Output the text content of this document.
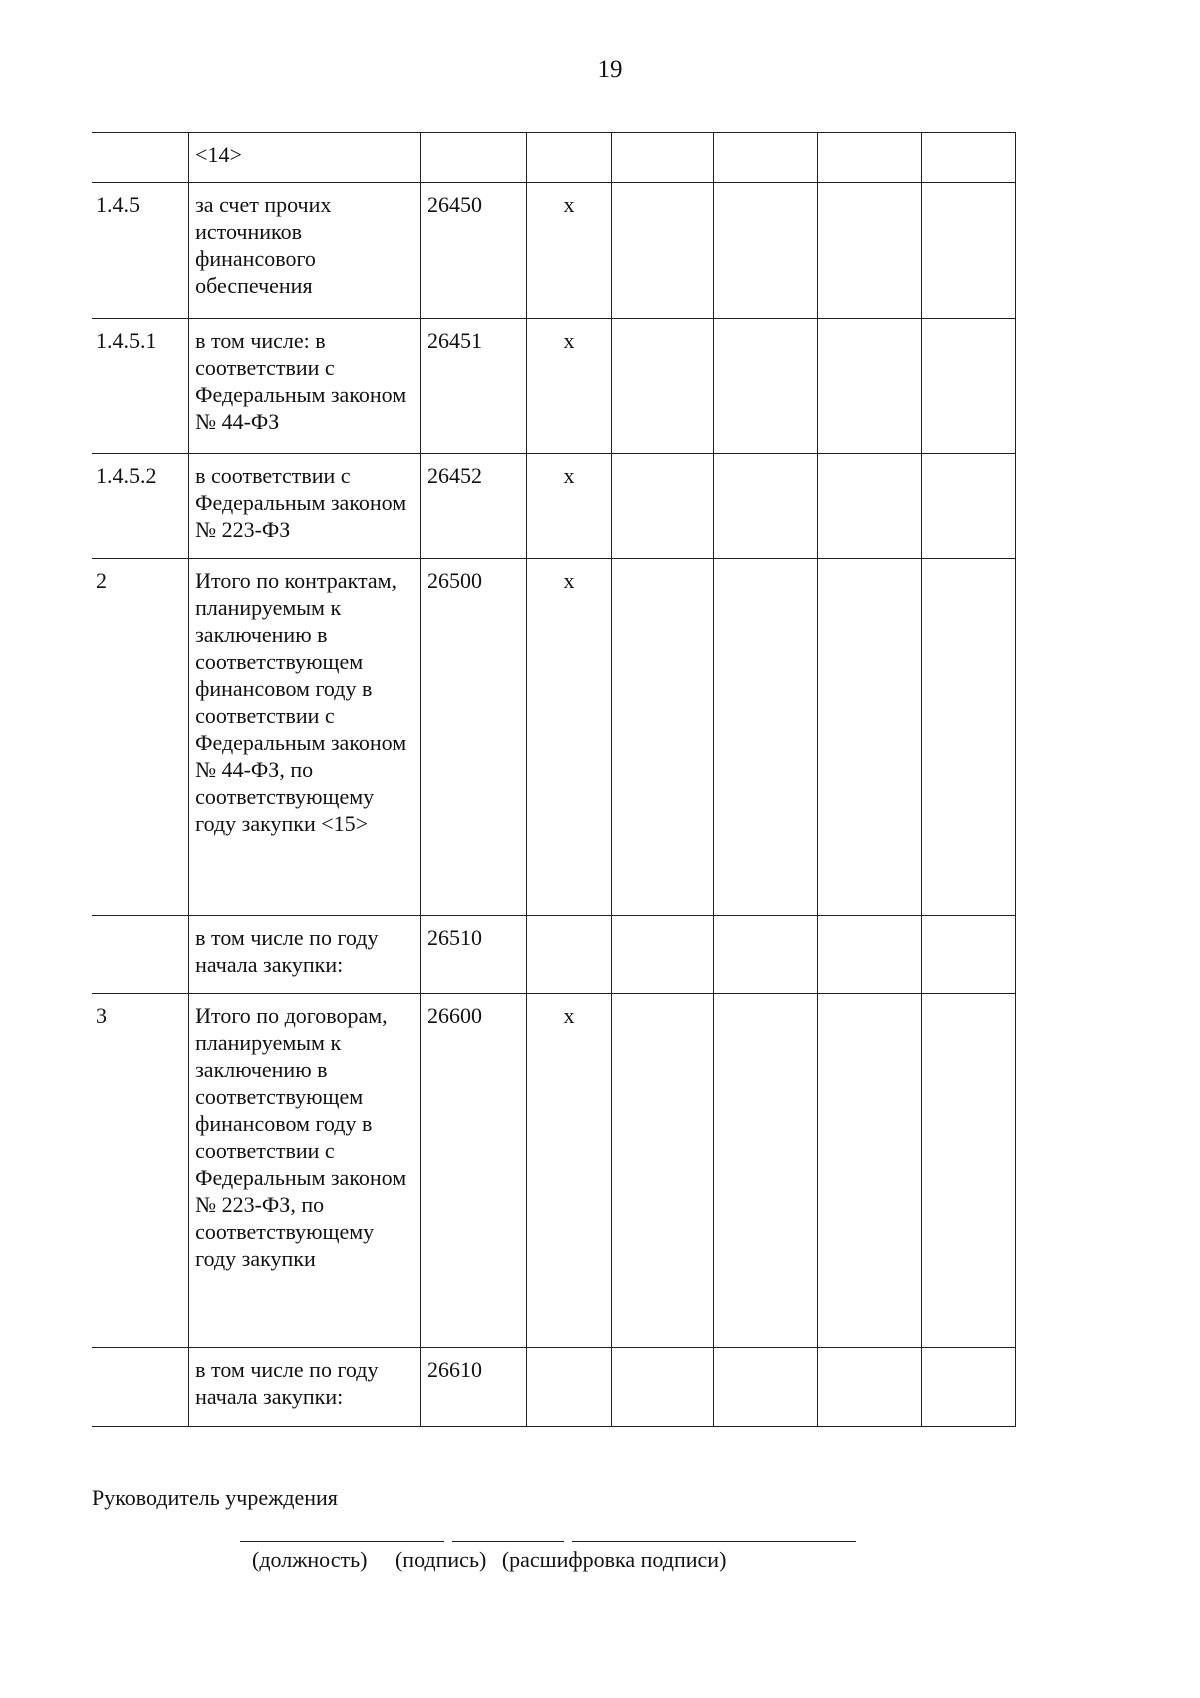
19
	<14>						
1.4.5	за счет прочих источников финансового обеспечения	26450	х				
1.4.5.1	в том числе: в соответствии с Федеральным законом № 44-ФЗ	26451	х				
1.4.5.2	в соответствии с Федеральным законом № 223-ФЗ	26452	х				
2	Итого по контрактам, планируемым к заключению в соответствующем финансовом году в соответствии с Федеральным законом № 44-ФЗ, по соответствующему году закупки <15>	26500	х				
	в том числе по году начала закупки:	26510					
3	Итого по договорам, планируемым к заключению в соответствующем финансовом году в соответствии с Федеральным законом № 223-ФЗ, по соответствующему году закупки	26600	х				
	в том числе по году начала закупки:	26610					

Руководитель учреждения

(должность) (подпись) (расшифровка подписи)
